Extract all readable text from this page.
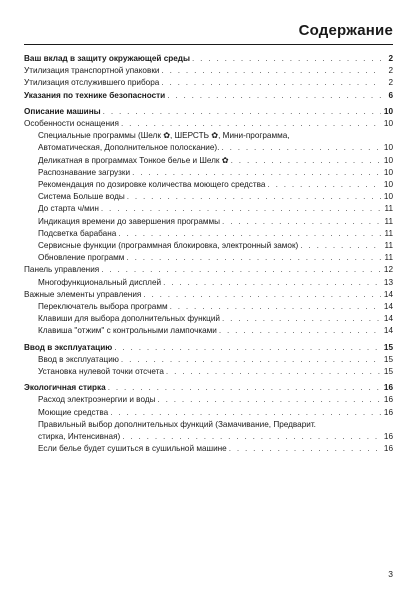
Содержание
Ваш вклад в защиту окружающей среды . . .	2
Утилизация транспортной упаковки . . .	2
Утилизация отслужившего прибора . . .	2
Указания по технике безопасности . . .	6
Описание машины . . .	10
Особенности оснащения . . .	10
Специальные программы (Шелк ✿, ШЕРСТЬ ✿, Мини-программа,
Автоматическая, Дополнительное полоскание). . . .	10
Деликатная в программах Тонкое белье и Шелк ✿ . . .	10
Распознавание загрузки . . .	10
Рекомендация по дозировке количества моющего средства . . .	10
Система Больше воды . . .	10
До старта ч/мин . . .	11
Индикация времени до завершения программы . . .	11
Подсветка барабана . . .	11
Сервисные функции (программная блокировка, электронный замок) . . .	11
Обновление программ . . .	11
Панель управления . . .	12
Многофункциональный дисплей . . .	13
Важные элементы управления . . .	14
Переключатель выбора программ . . .	14
Клавиши для выбора дополнительных функций . . .	14
Клавиша "отжим" с контрольными лампочками . . .	14
Ввод в эксплуатацию . . .	15
Ввод в эксплуатацию . . .	15
Установка нулевой точки отсчета . . .	15
Экологичная стирка . . .	16
Расход электроэнергии и воды . . .	16
Моющие средства . . .	16
Правильный выбор дополнительных функций (Замачивание, Предварит.
стирка, Интенсивная) . . .	16
Если белье будет сушиться в сушильной машине . . .	16
3
